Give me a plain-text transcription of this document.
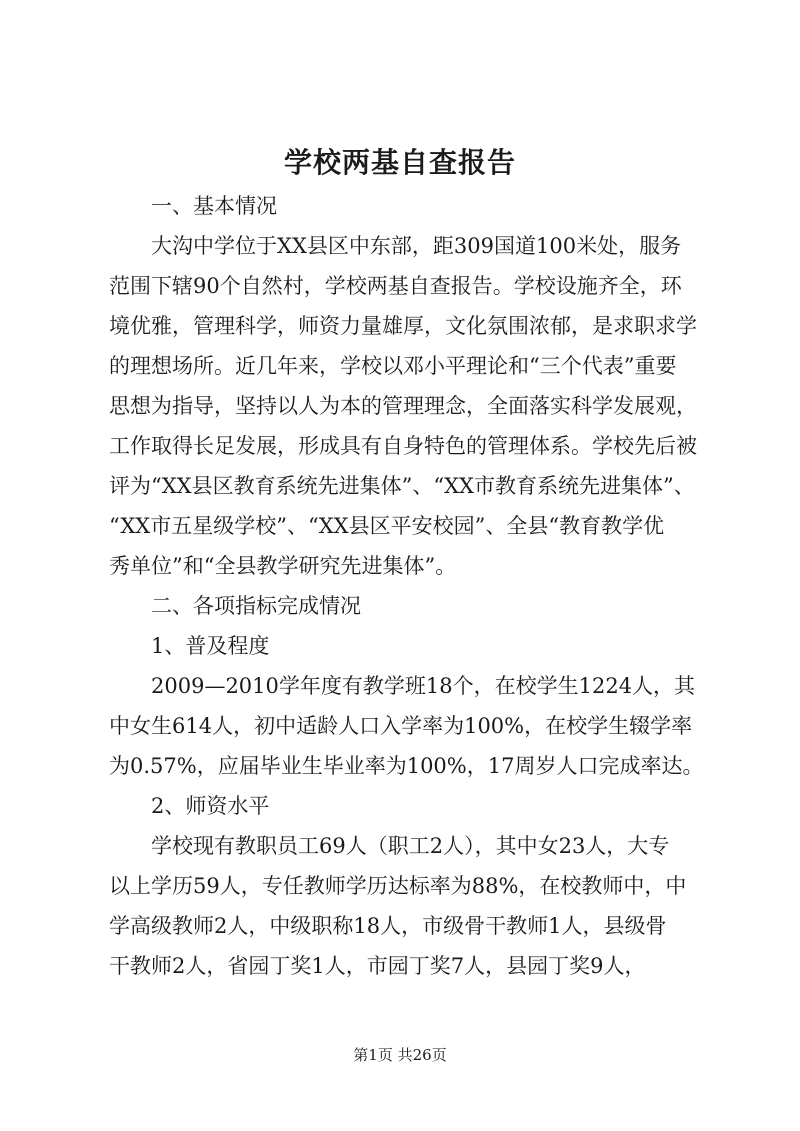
学校两基自查报告

一、基本情况

大沟中学位于XX县区中东部，距309国道100米处，服务
范围下辖90个自然村，学校两基自查报告。学校设施齐全，环
境优雅，管理科学，师资力量雄厚，文化氛围浓郁，是求职求学
的理想场所。近几年来，学校以邓小平理论和“三个代表”重要
思想为指导，坚持以人为本的管理理念，全面落实科学发展观，
工作取得长足发展，形成具有自身特色的管理体系。学校先后被
评为“XX县区教育系统先进集体”、“XX市教育系统先进集体”、
“XX市五星级学校”、“XX县区平安校园”、全县“教育教学优
秀单位”和“全县教学研究先进集体”。

二、各项指标完成情况

1、普及程度

2009—2010学年度有教学班18个，在校学生1224人，其
中女生614人，初中适龄人口入学率为100%，在校学生辍学率
为0.57%，应届毕业生毕业率为100%，17周岁人口完成率达。

2、师资水平

学校现有教职员工69人（职工2人），其中女23人，大专
以上学历59人，专任教师学历达标率为88%，在校教师中，中
学高级教师2人，中级职称18人，市级骨干教师1人，县级骨
干教师2人，省园丁奖1人，市园丁奖7人，县园丁奖9人，

第1页 共26页
